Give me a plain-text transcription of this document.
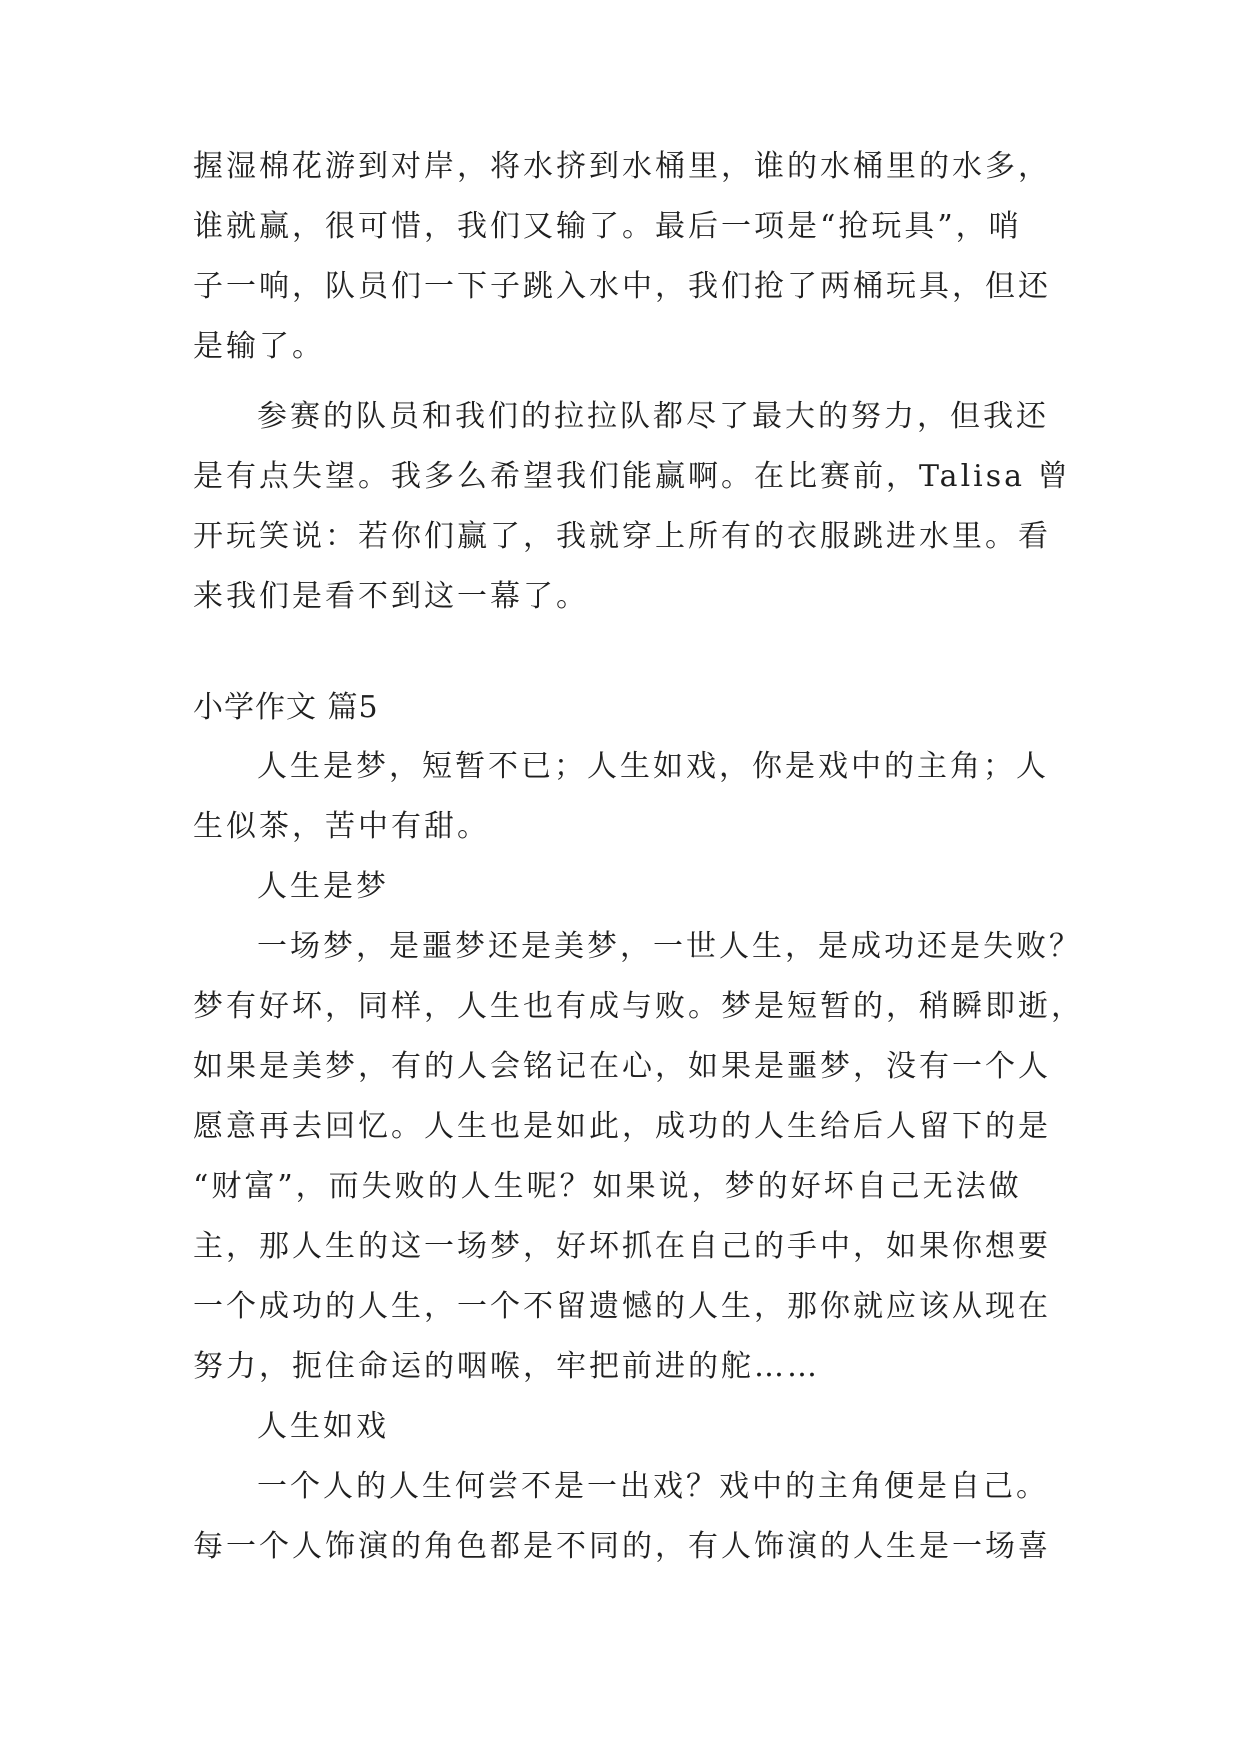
握湿棉花游到对岸，将水挤到水桶里，谁的水桶里的水多，

谁就赢，很可惜，我们又输了。最后一项是“抢玩具”，哨

子一响，队员们一下子跳入水中，我们抢了两桶玩具，但还

是输了。

参赛的队员和我们的拉拉队都尽了最大的努力，但我还

是有点失望。我多么希望我们能赢啊。在比赛前，Talisa 曾

开玩笑说：若你们赢了，我就穿上所有的衣服跳进水里。看

来我们是看不到这一幕了。

小学作文 篇5

人生是梦，短暂不已；人生如戏，你是戏中的主角；人

生似茶，苦中有甜。

人生是梦

一场梦，是噩梦还是美梦，一世人生，是成功还是失败？

梦有好坏，同样，人生也有成与败。梦是短暂的，稍瞬即逝，

如果是美梦，有的人会铭记在心，如果是噩梦，没有一个人

愿意再去回忆。人生也是如此，成功的人生给后人留下的是

“财富”，而失败的人生呢？如果说，梦的好坏自己无法做

主，那人生的这一场梦，好坏抓在自己的手中，如果你想要

一个成功的人生，一个不留遗憾的人生，那你就应该从现在

努力，扼住命运的咽喉，牢把前进的舵……

人生如戏

一个人的人生何尝不是一出戏？戏中的主角便是自己。

每一个人饰演的角色都是不同的，有人饰演的人生是一场喜
